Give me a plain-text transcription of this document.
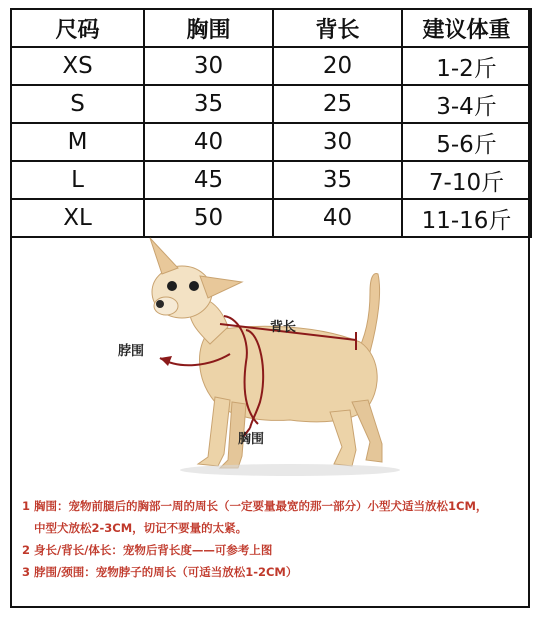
尺码	胸围	背长	建议体重
XS	30	20	1-2斤
S	35	25	3-4斤
M	40	30	5-6斤
L	45	35	7-10斤
XL	50	40	11-16斤
脖围
背长
胸围
1 胸围：宠物前腿后的胸部一周的周长（一定要量最宽的那一部分）小型犬适当放松1CM，
中型犬放松2-3CM，切记不要量的太紧。
2 身长/背长/体长：宠物后背长度——可参考上图
3 脖围/颈围：宠物脖子的周长（可适当放松1-2CM）
